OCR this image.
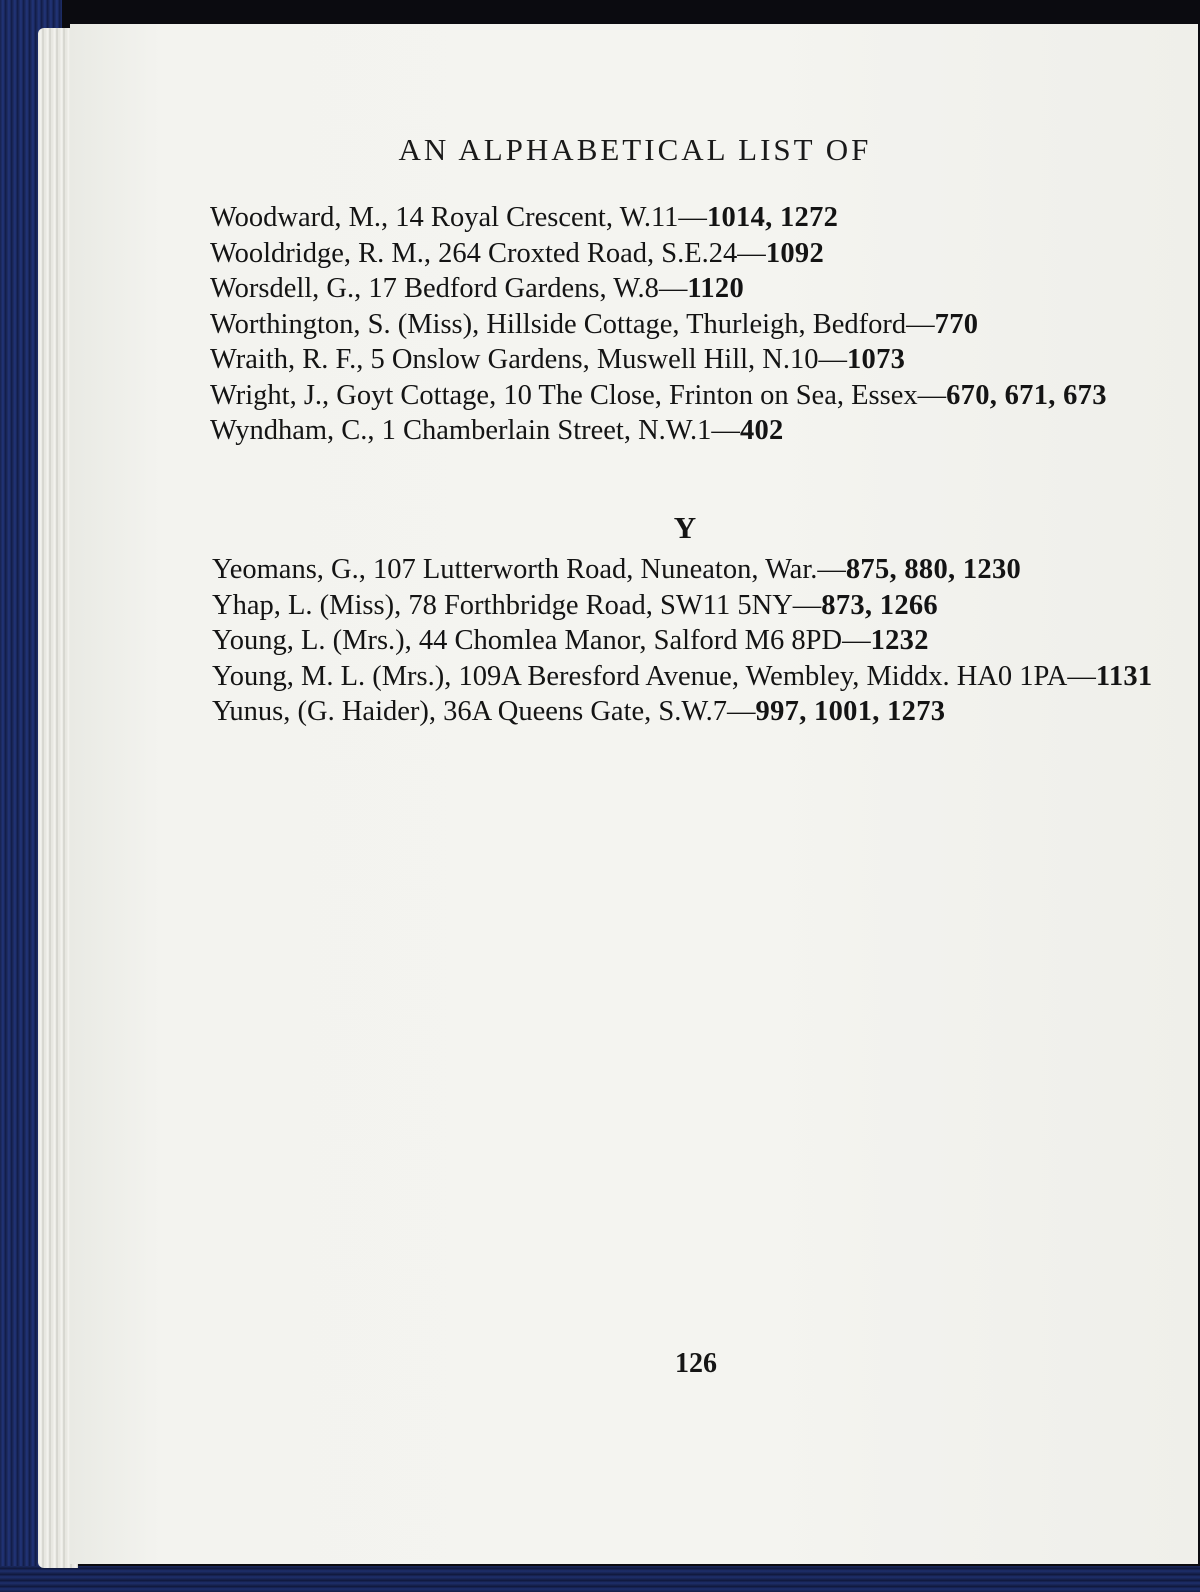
AN ALPHABETICAL LIST OF
Woodward, M., 14 Royal Crescent, W.11—1014, 1272
Wooldridge, R. M., 264 Croxted Road, S.E.24—1092
Worsdell, G., 17 Bedford Gardens, W.8—1120
Worthington, S. (Miss), Hillside Cottage, Thurleigh, Bedford—770
Wraith, R. F., 5 Onslow Gardens, Muswell Hill, N.10—1073
Wright, J., Goyt Cottage, 10 The Close, Frinton on Sea, Essex—670, 671, 673
Wyndham, C., 1 Chamberlain Street, N.W.1—402
Y
Yeomans, G., 107 Lutterworth Road, Nuneaton, War.—875, 880, 1230
Yhap, L. (Miss), 78 Forthbridge Road, SW11 5NY—873, 1266
Young, L. (Mrs.), 44 Chomlea Manor, Salford M6 8PD—1232
Young, M. L. (Mrs.), 109A Beresford Avenue, Wembley, Middx. HA0 1PA—1131
Yunus, (G. Haider), 36A Queens Gate, S.W.7—997, 1001, 1273
126
